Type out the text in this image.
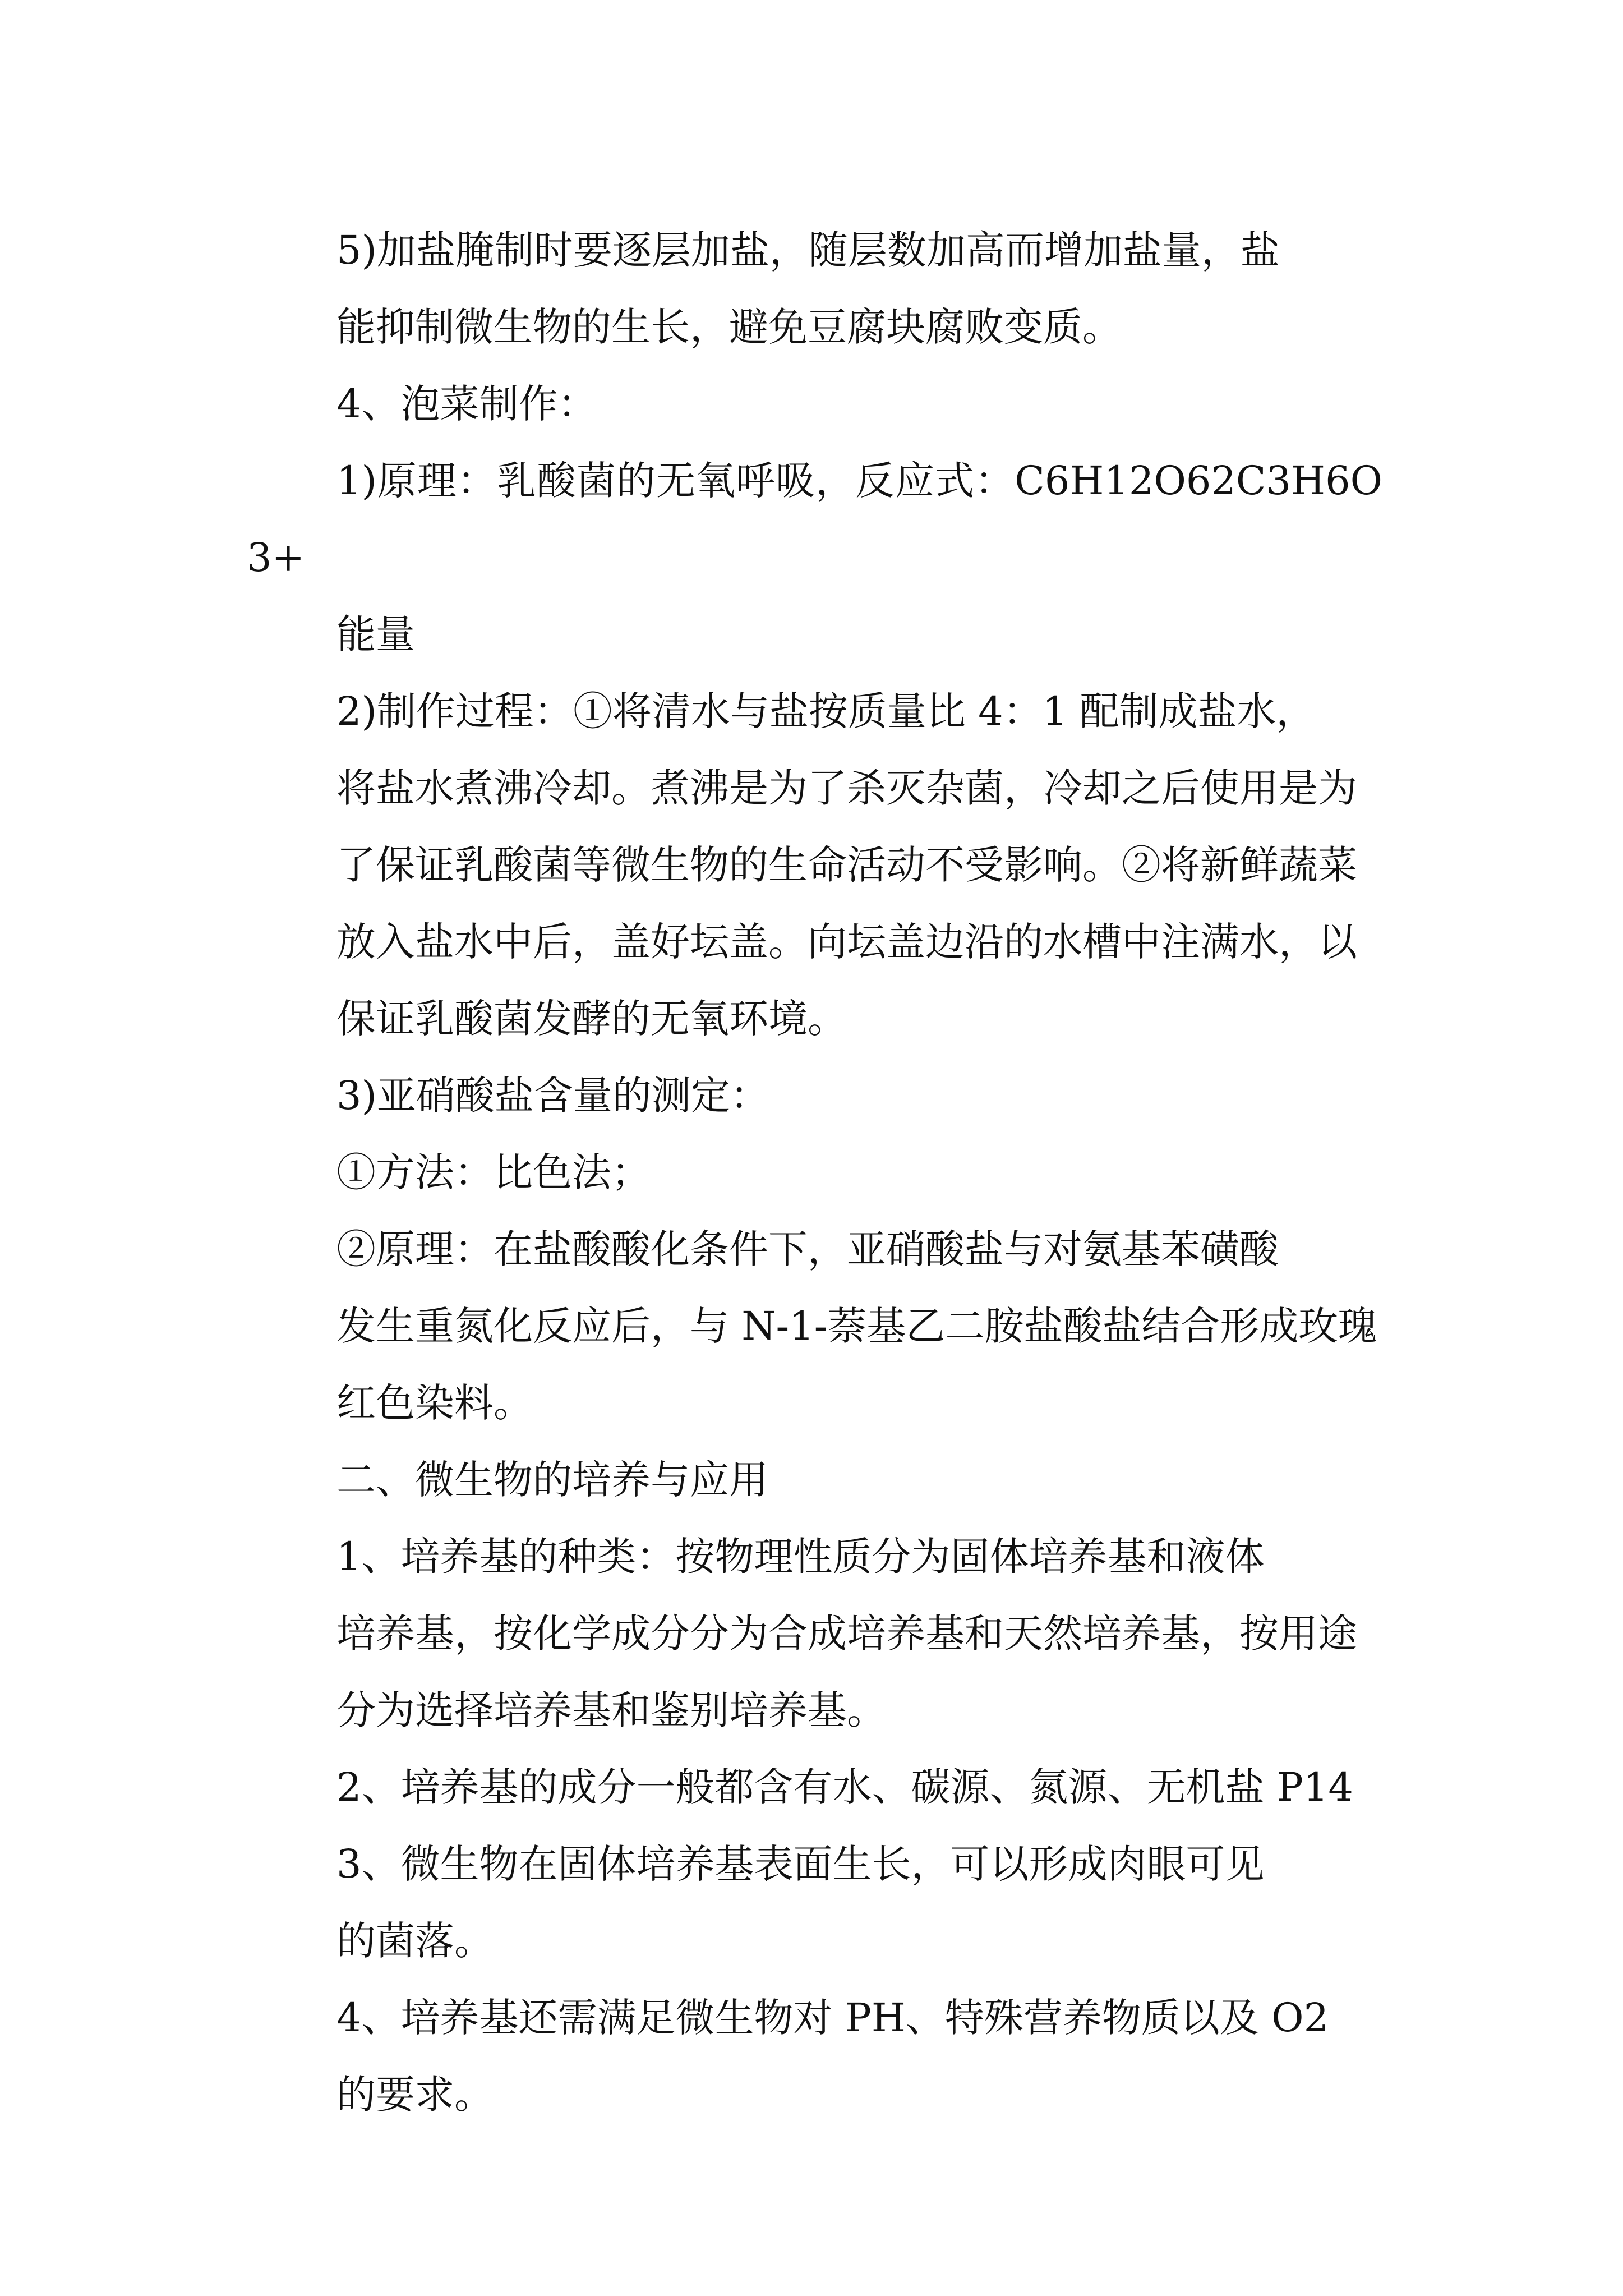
5)加盐腌制时要逐层加盐，随层数加高而增加盐量，盐
能抑制微生物的生长，避免豆腐块腐败变质。

4、泡菜制作：

1)原理：乳酸菌的无氧呼吸，反应式：C6H12O62C3H6O3+
能量

2)制作过程：①将清水与盐按质量比 4：1 配制成盐水，
将盐水煮沸冷却。煮沸是为了杀灭杂菌，冷却之后使用是为
了保证乳酸菌等微生物的生命活动不受影响。②将新鲜蔬菜
放入盐水中后，盖好坛盖。向坛盖边沿的水槽中注满水，以
保证乳酸菌发酵的无氧环境。

3)亚硝酸盐含量的测定：

①方法：比色法；

②原理：在盐酸酸化条件下，亚硝酸盐与对氨基苯磺酸
发生重氮化反应后，与 N-1-萘基乙二胺盐酸盐结合形成玫瑰
红色染料。

二、微生物的培养与应用

1、培养基的种类：按物理性质分为固体培养基和液体
培养基，按化学成分分为合成培养基和天然培养基，按用途
分为选择培养基和鉴别培养基。

2、培养基的成分一般都含有水、碳源、氮源、无机盐 P14

3、微生物在固体培养基表面生长，可以形成肉眼可见
的菌落。

4、培养基还需满足微生物对 PH、特殊营养物质以及 O2
的要求。
